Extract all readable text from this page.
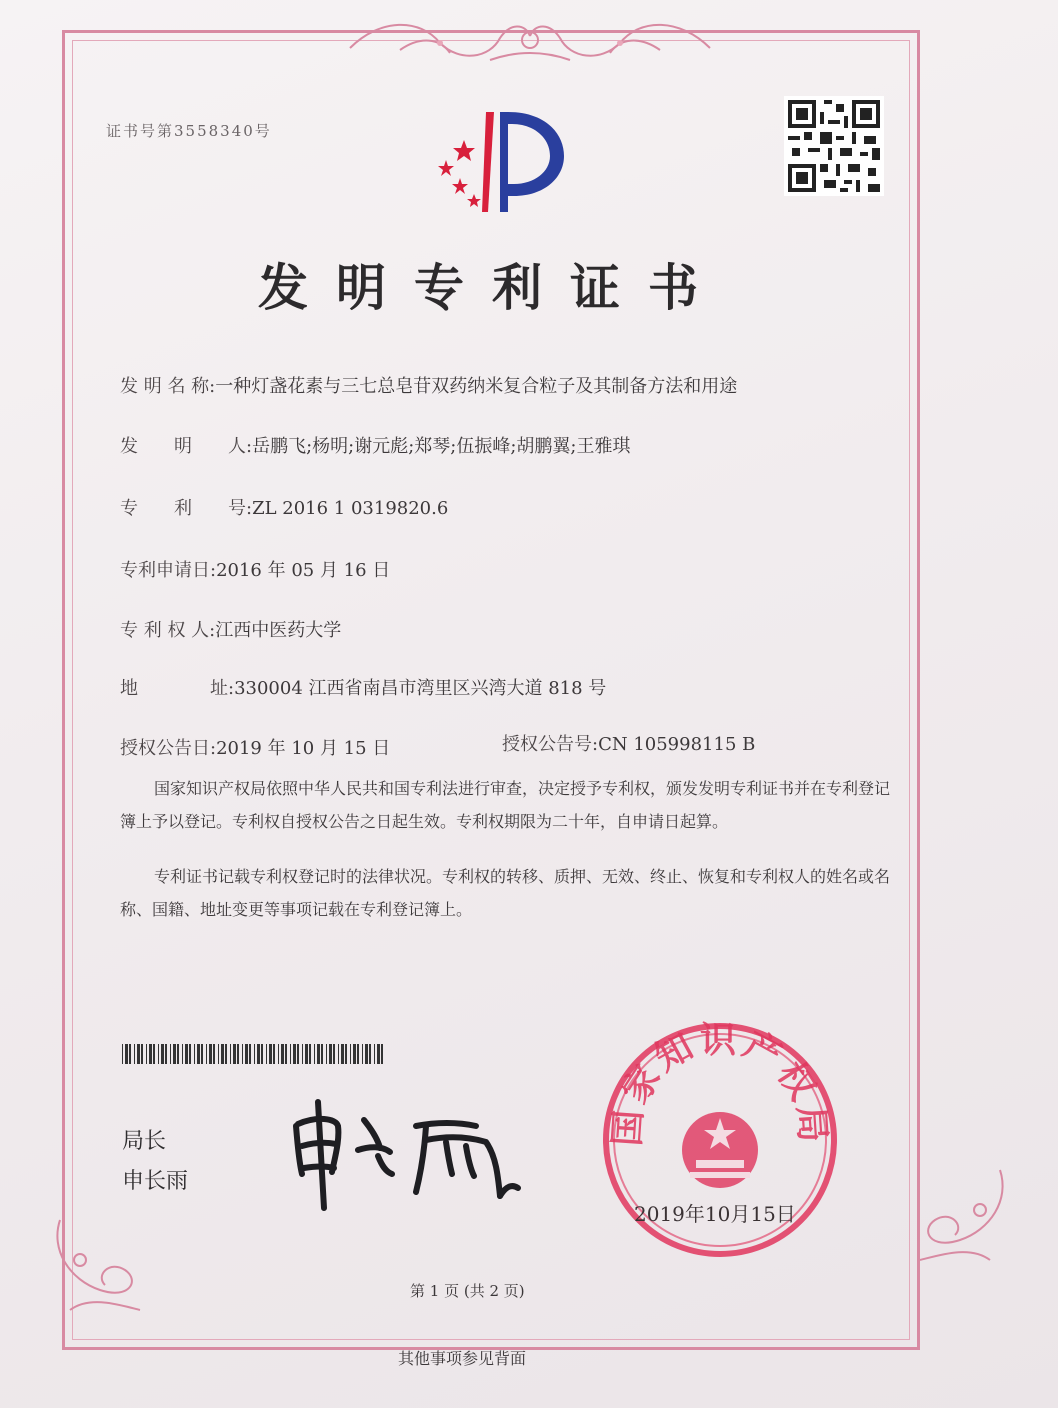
证书号第3558340号
发明专利证书
发 明 名 称:一种灯盏花素与三七总皂苷双药纳米复合粒子及其制备方法和用途
发　　明　　人:岳鹏飞;杨明;谢元彪;郑琴;伍振峰;胡鹏翼;王雅琪
专　　利　　号:ZL 2016 1 0319820.6
专利申请日:2016 年 05 月 16 日
专 利 权 人:江西中医药大学
地　　　　址:330004 江西省南昌市湾里区兴湾大道 818 号
授权公告日:2019 年 10 月 15 日	授权公告号:CN 105998115 B
国家知识产权局依照中华人民共和国专利法进行审查，决定授予专利权，颁发发明专利证书并在专利登记簿上予以登记。专利权自授权公告之日起生效。专利权期限为二十年，自申请日起算。
专利证书记载专利权登记时的法律状况。专利权的转移、质押、无效、终止、恢复和专利权人的姓名或名称、国籍、地址变更等事项记载在专利登记簿上。
局长
申长雨
国家知识产权局
2019年10月15日
第 1 页 (共 2 页)
其他事项参见背面
